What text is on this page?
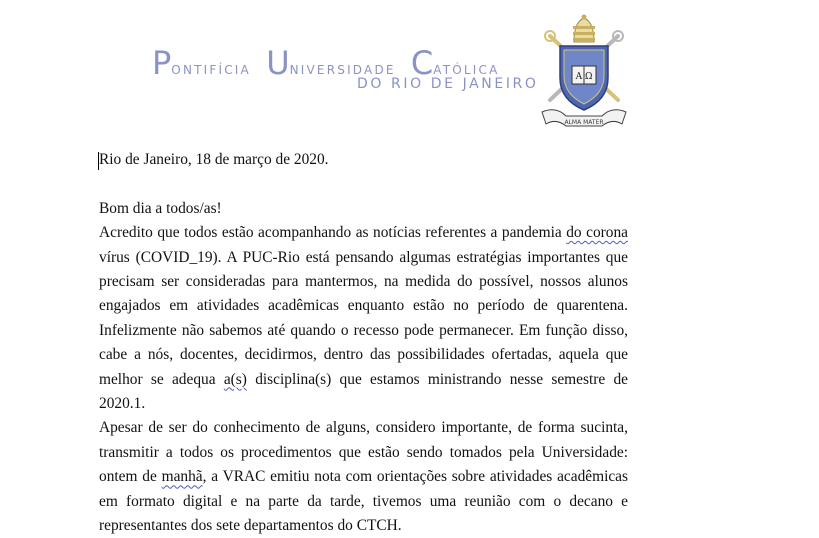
Pontifícia Universidade Católica
DO RIO DE JANEIRO	Α Ω
ALMA MATER

Rio de Janeiro, 18 de março de 2020.

Bom dia a todos/as!

Acredito que todos estão acompanhando as notícias referentes a pandemia do corona vírus (COVID_19). A PUC-Rio está pensando algumas estratégias importantes que precisam ser consideradas para mantermos, na medida do possível, nossos alunos engajados em atividades acadêmicas enquanto estão no período de quarentena. Infelizmente não sabemos até quando o recesso pode permanecer. Em função disso, cabe a nós, docentes, decidirmos, dentro das possibilidades ofertadas, aquela que melhor se adequa a(s) disciplina(s) que estamos ministrando nesse semestre de 2020.1.

Apesar de ser do conhecimento de alguns, considero importante, de forma sucinta, transmitir a todos os procedimentos que estão sendo tomados pela Universidade: ontem de manhã, a VRAC emitiu nota com orientações sobre atividades acadêmicas em formato digital e na parte da tarde, tivemos uma reunião com o decano e representantes dos sete departamentos do CTCH.
